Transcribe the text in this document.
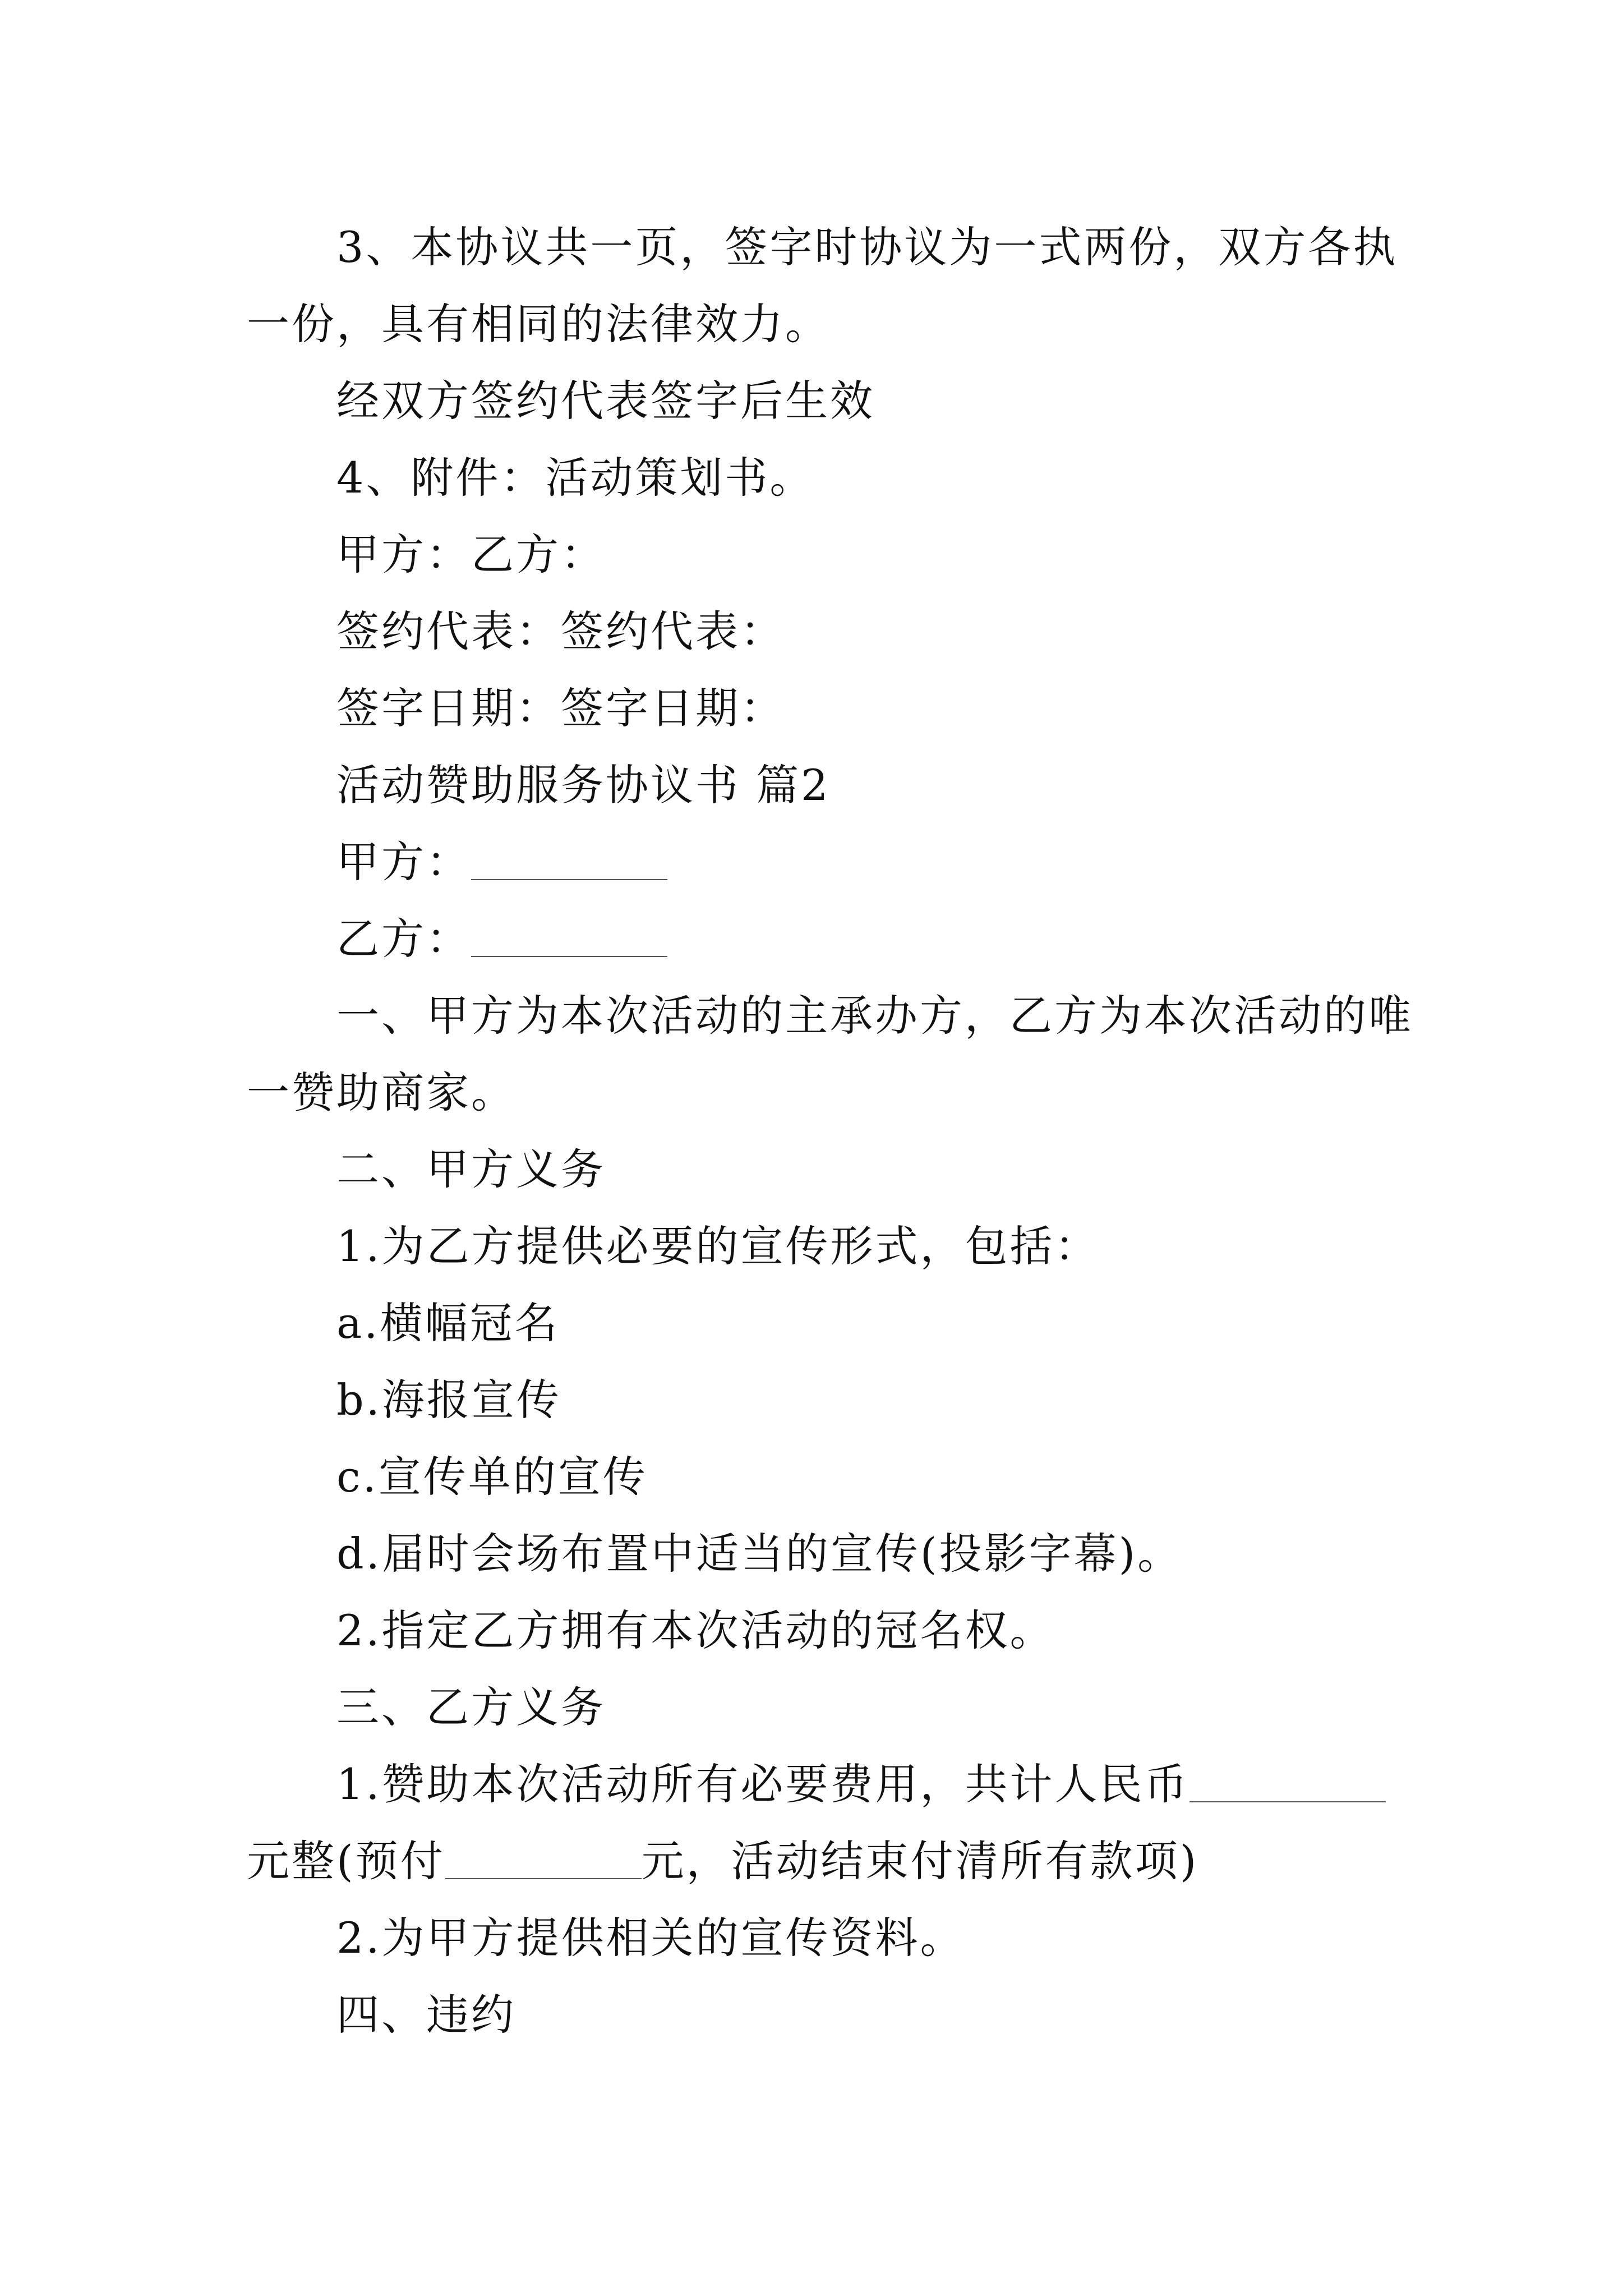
3、本协议共一页，签字时协议为一式两份，双方各执
一份，具有相同的法律效力。
经双方签约代表签字后生效
4、附件：活动策划书。
甲方：乙方：
签约代表：签约代表：
签字日期：签字日期：
活动赞助服务协议书 篇2
甲方：
乙方：
一、甲方为本次活动的主承办方，乙方为本次活动的唯
一赞助商家。
二、甲方义务
1.为乙方提供必要的宣传形式，包括：
a.横幅冠名
b.海报宣传
c.宣传单的宣传
d.届时会场布置中适当的宣传(投影字幕)。
2.指定乙方拥有本次活动的冠名权。
三、乙方义务
1.赞助本次活动所有必要费用，共计人民币
元整(预付	元，活动结束付清所有款项)
2.为甲方提供相关的宣传资料。
四、违约
